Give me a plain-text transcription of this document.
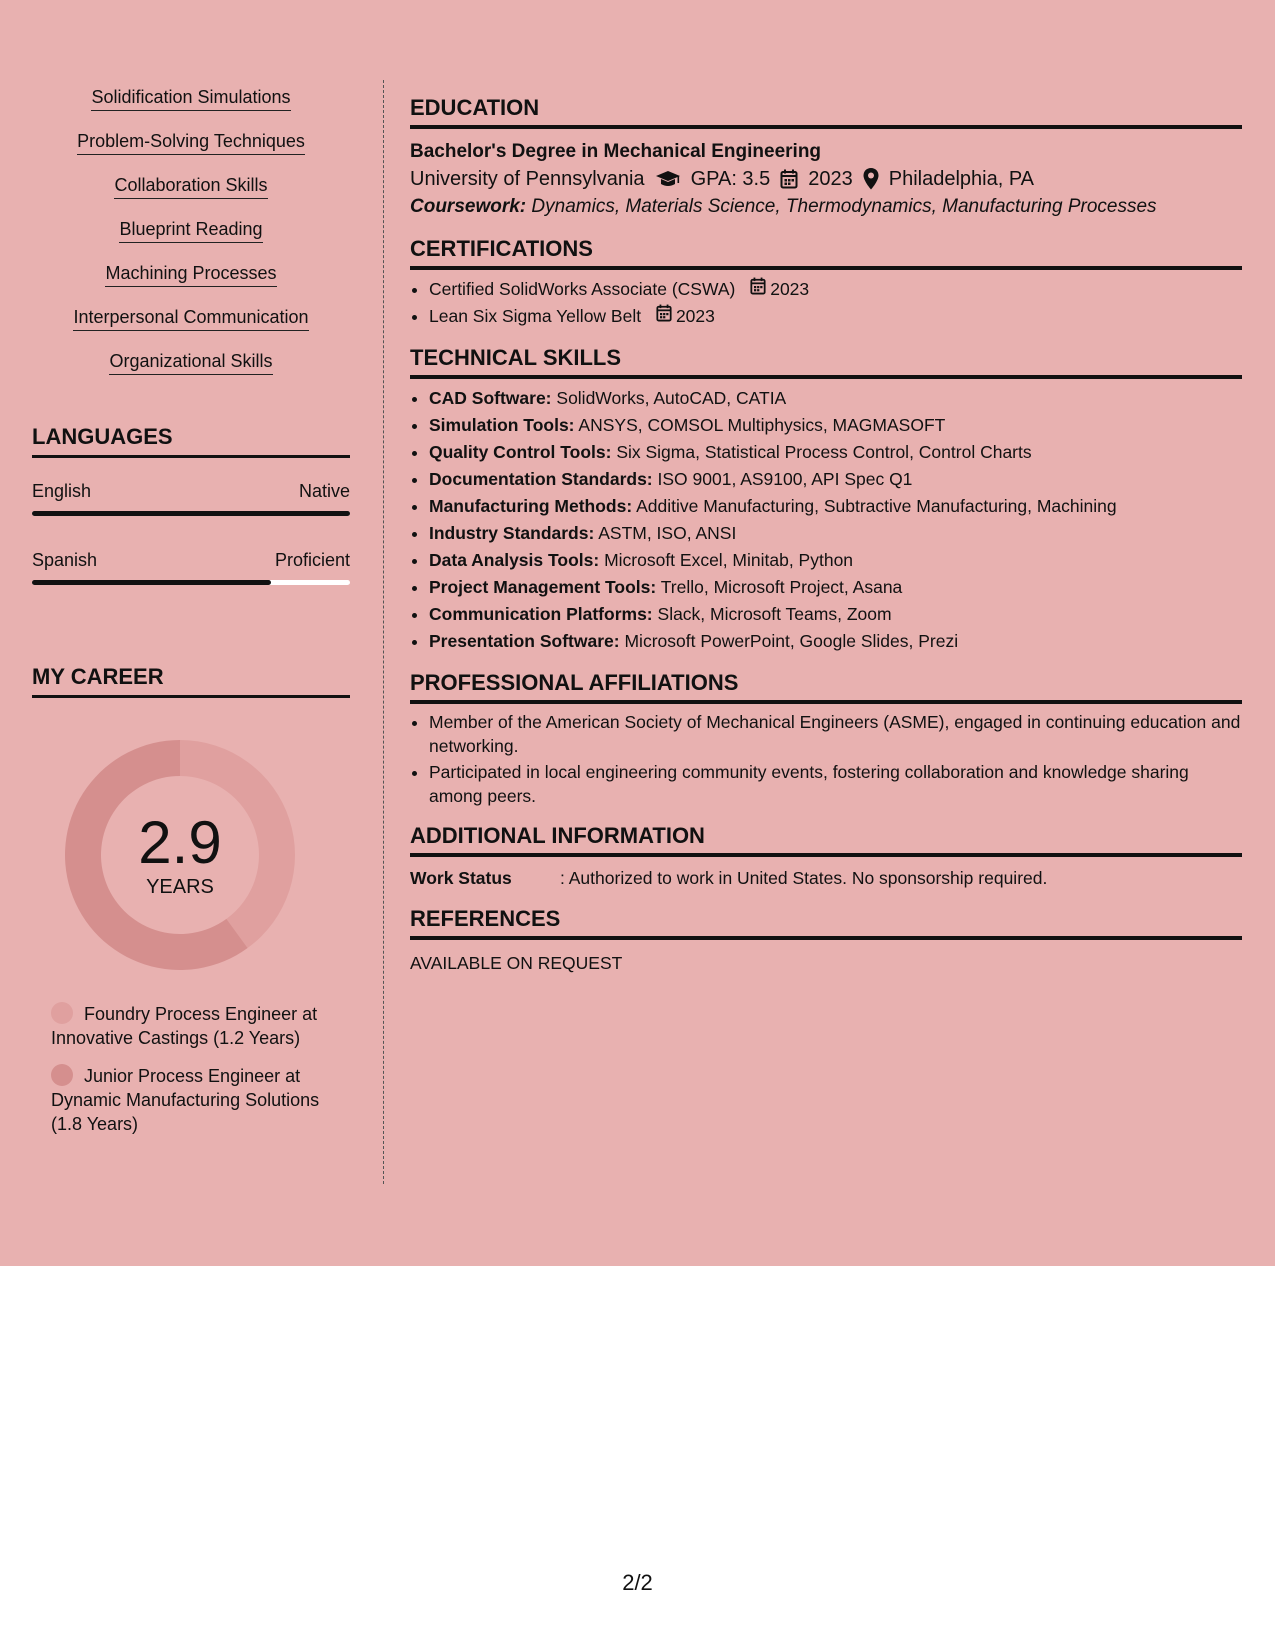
Solidification Simulations
Problem-Solving Techniques
Collaboration Skills
Blueprint Reading
Machining Processes
Interpersonal Communication
Organizational Skills
LANGUAGES
English	Native
Spanish	Proficient
MY CAREER
2.9
YEARS
Foundry Process Engineer at Innovative Castings (1.2 Years)
Junior Process Engineer at Dynamic Manufacturing Solutions (1.8 Years)
EDUCATION
Bachelor's Degree in Mechanical Engineering
University of Pennsylvania GPA: 3.5 2023 Philadelphia, PA
Coursework: Dynamics, Materials Science, Thermodynamics, Manufacturing Processes
CERTIFICATIONS
• Certified SolidWorks Associate (CSWA) 2023
• Lean Six Sigma Yellow Belt 2023
TECHNICAL SKILLS
• CAD Software: SolidWorks, AutoCAD, CATIA
• Simulation Tools: ANSYS, COMSOL Multiphysics, MAGMASOFT
• Quality Control Tools: Six Sigma, Statistical Process Control, Control Charts
• Documentation Standards: ISO 9001, AS9100, API Spec Q1
• Manufacturing Methods: Additive Manufacturing, Subtractive Manufacturing, Machining
• Industry Standards: ASTM, ISO, ANSI
• Data Analysis Tools: Microsoft Excel, Minitab, Python
• Project Management Tools: Trello, Microsoft Project, Asana
• Communication Platforms: Slack, Microsoft Teams, Zoom
• Presentation Software: Microsoft PowerPoint, Google Slides, Prezi
PROFESSIONAL AFFILIATIONS
• Member of the American Society of Mechanical Engineers (ASME), engaged in continuing education and networking.
• Participated in local engineering community events, fostering collaboration and knowledge sharing among peers.
ADDITIONAL INFORMATION
Work Status	: Authorized to work in United States. No sponsorship required.
REFERENCES
AVAILABLE ON REQUEST
2/2
